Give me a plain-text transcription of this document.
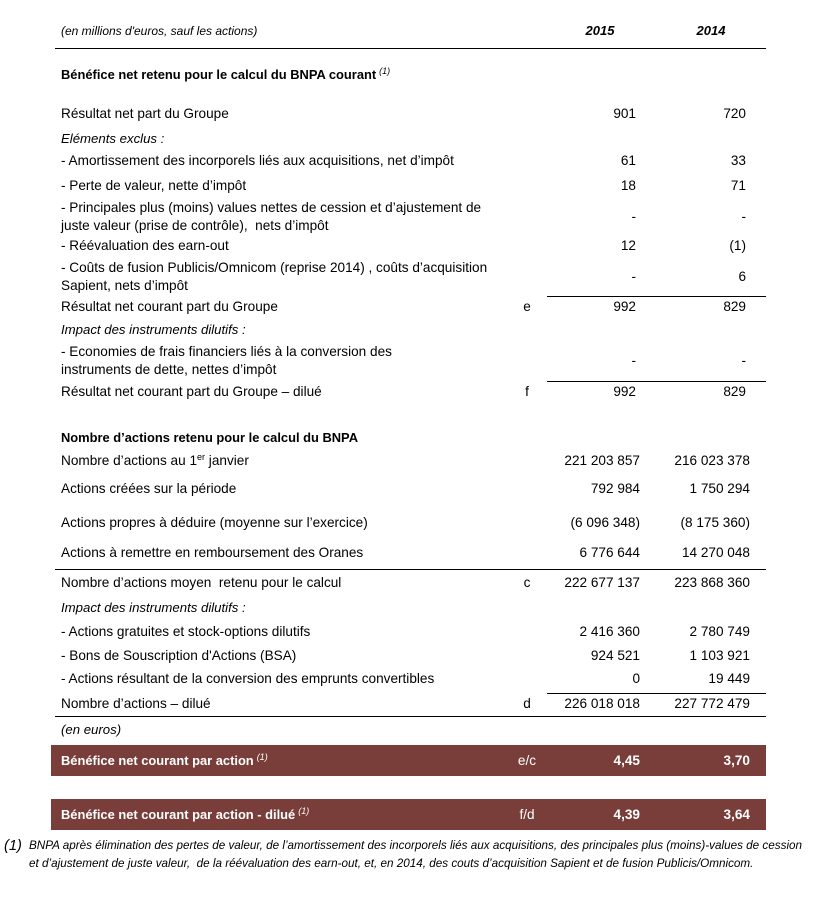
(en millions d'euros, sauf les actions)	2015	2014
Bénéfice net retenu pour le calcul du BNPA courant $^{(1)}$
Résultat net part du Groupe	901	720
Eléments exclus :
- Amortissement des incorporels liés aux acquisitions, net d’impôt	61	33
- Perte de valeur, nette d’impôt	18	71
- Principales plus (moins) values nettes de cession et d’ajustement de
juste valeur (prise de contrôle),  nets d’impôt
-	-
- Réévaluation des earn-out	12	(1)
- Coûts de fusion Publicis/Omnicom (reprise 2014) , coûts d’acquisition
Sapient, nets d’impôt
-	6
Résultat net courant part du Groupe	e	992	829
Impact des instruments dilutifs :
- Economies de frais financiers liés à la conversion des
instruments de dette, nettes d’impôt
-	-
Résultat net courant part du Groupe – dilué	f	992	829
Nombre d’actions retenu pour le calcul du BNPA
Nombre d’actions au 1er janvier	221 203 857	216 023 378
Actions créées sur la période	792 984	1 750 294
Actions propres à déduire (moyenne sur l’exercice)	(6 096 348)	(8 175 360)
Actions à remettre en remboursement des Oranes	6 776 644	14 270 048
Nombre d’actions moyen  retenu pour le calcul	c	222 677 137	223 868 360
Impact des instruments dilutifs :
- Actions gratuites et stock-options dilutifs	2 416 360	2 780 749
- Bons de Souscription d'Actions (BSA)	924 521	1 103 921
- Actions résultant de la conversion des emprunts convertibles	0	19 449
Nombre d’actions – dilué	d	226 018 018	227 772 479
(en euros)
Bénéfice net courant par action $^{(1)}$	e/c	4,45	3,70
Bénéfice net courant par action - dilué $^{(1)}$	f/d	4,39	3,64
(1) BNPA après élimination des pertes de valeur, de l’amortissement des incorporels liés aux acquisitions, des principales plus (moins)-values de cession
et d’ajustement de juste valeur,  de la réévaluation des earn-out, et, en 2014, des couts d’acquisition Sapient et de fusion Publicis/Omnicom.
